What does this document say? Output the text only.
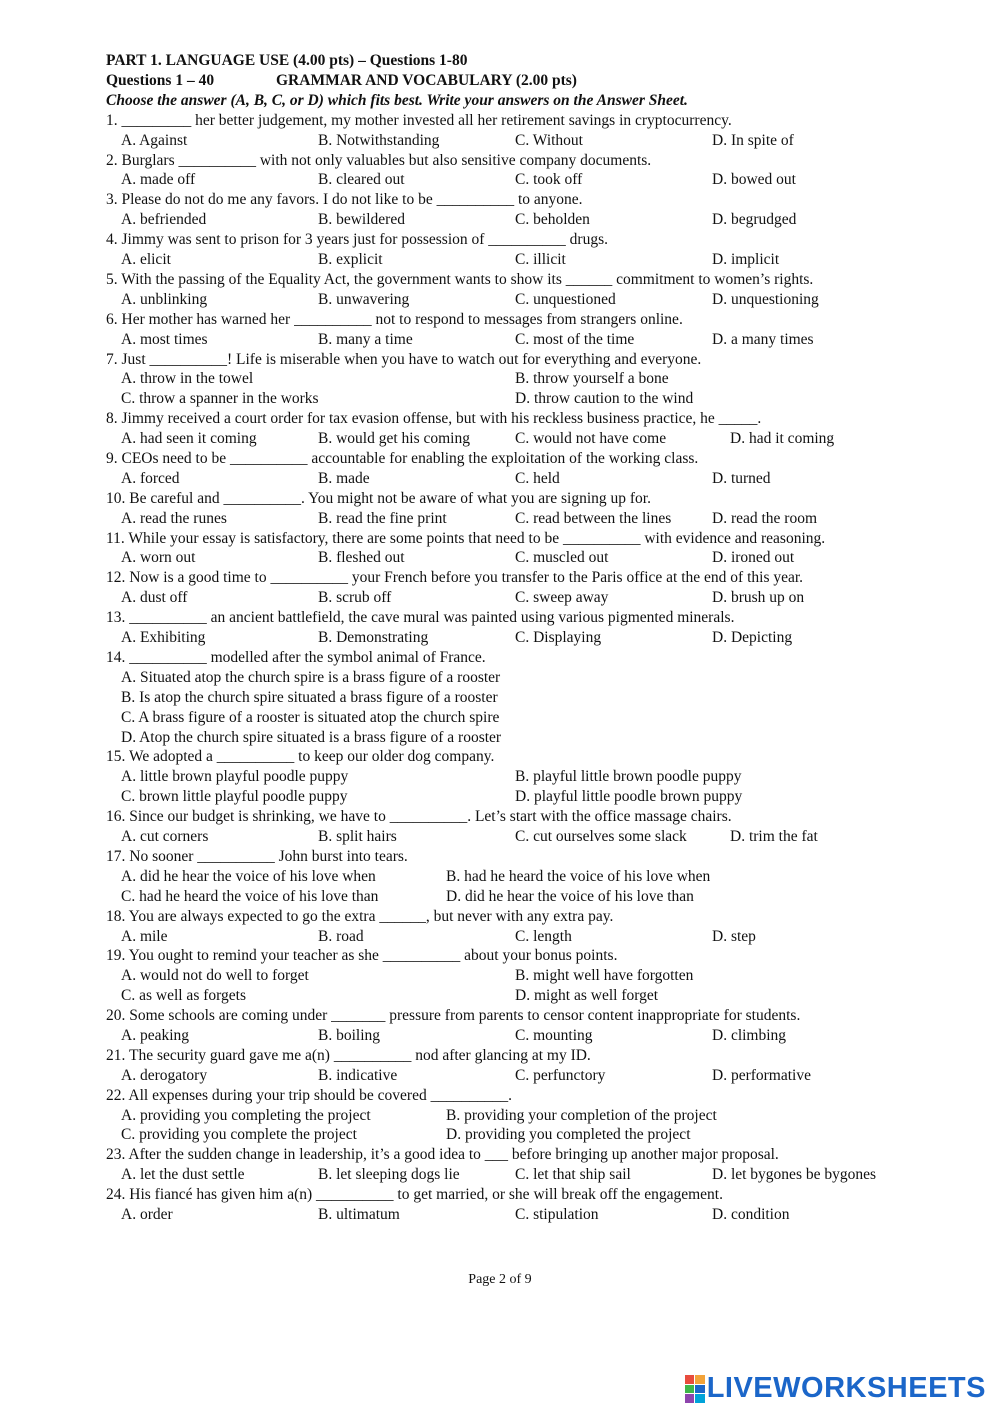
PART 1. LANGUAGE USE (4.00 pts) – Questions 1-80
Questions 1 – 40	GRAMMAR AND VOCABULARY (2.00 pts)
Choose the answer (A, B, C, or D) which fits best. Write your answers on the Answer Sheet.
1. _________ her better judgement, my mother invested all her retirement savings in cryptocurrency.
A. Against	B. Notwithstanding	C. Without	D. In spite of
2. Burglars __________ with not only valuables but also sensitive company documents.
A. made off	B. cleared out	C. took off	D. bowed out
3. Please do not do me any favors. I do not like to be __________ to anyone.
A. befriended	B. bewildered	C. beholden	D. begrudged
4. Jimmy was sent to prison for 3 years just for possession of __________ drugs.
A. elicit	B. explicit	C. illicit	D. implicit
5. With the passing of the Equality Act, the government wants to show its ______ commitment to women’s rights.
A. unblinking	B. unwavering	C. unquestioned	D. unquestioning
6. Her mother has warned her __________ not to respond to messages from strangers online.
A. most times	B. many a time	C. most of the time	D. a many times
7. Just __________! Life is miserable when you have to watch out for everything and everyone.
A. throw in the towel	B. throw yourself a bone
C. throw a spanner in the works	D. throw caution to the wind
8. Jimmy received a court order for tax evasion offense, but with his reckless business practice, he _____.
A. had seen it coming	B. would get his coming	C. would not have come	D. had it coming
9. CEOs need to be __________ accountable for enabling the exploitation of the working class.
A. forced	B. made	C. held	D. turned
10. Be careful and __________. You might not be aware of what you are signing up for.
A. read the runes	B. read the fine print	C. read between the lines	D. read the room
11. While your essay is satisfactory, there are some points that need to be __________ with evidence and reasoning.
A. worn out	B. fleshed out	C. muscled out	D. ironed out
12. Now is a good time to __________ your French before you transfer to the Paris office at the end of this year.
A. dust off	B. scrub off	C. sweep away	D. brush up on
13. __________ an ancient battlefield, the cave mural was painted using various pigmented minerals.
A. Exhibiting	B. Demonstrating	C. Displaying	D. Depicting
14. __________ modelled after the symbol animal of France.
A. Situated atop the church spire is a brass figure of a rooster
B. Is atop the church spire situated a brass figure of a rooster
C. A brass figure of a rooster is situated atop the church spire
D. Atop the church spire situated is a brass figure of a rooster
15. We adopted a __________ to keep our older dog company.
A. little brown playful poodle puppy	B. playful little brown poodle puppy
C. brown little playful poodle puppy	D. playful little poodle brown puppy
16. Since our budget is shrinking, we have to __________. Let’s start with the office massage chairs.
A. cut corners	B. split hairs	C. cut ourselves some slack	D. trim the fat
17. No sooner __________ John burst into tears.
A. did he hear the voice of his love when	B. had he heard the voice of his love when
C. had he heard the voice of his love than	D. did he hear the voice of his love than
18. You are always expected to go the extra ______, but never with any extra pay.
A. mile	B. road	C. length	D. step
19. You ought to remind your teacher as she __________ about your bonus points.
A. would not do well to forget	B. might well have forgotten
C. as well as forgets	D. might as well forget
20. Some schools are coming under _______ pressure from parents to censor content inappropriate for students.
A. peaking	B. boiling	C. mounting	D. climbing
21. The security guard gave me a(n) __________ nod after glancing at my ID.
A. derogatory	B. indicative	C. perfunctory	D. performative
22. All expenses during your trip should be covered __________.
A. providing you completing the project	B. providing your completion of the project
C. providing you complete the project	D. providing you completed the project
23. After the sudden change in leadership, it’s a good idea to ___ before bringing up another major proposal.
A. let the dust settle	B. let sleeping dogs lie	C. let that ship sail	D. let bygones be bygones
24. His fiancé has given him a(n) __________ to get married, or she will break off the engagement.
A. order	B. ultimatum	C. stipulation	D. condition
Page 2 of 9
LIVEWORKSHEETS
